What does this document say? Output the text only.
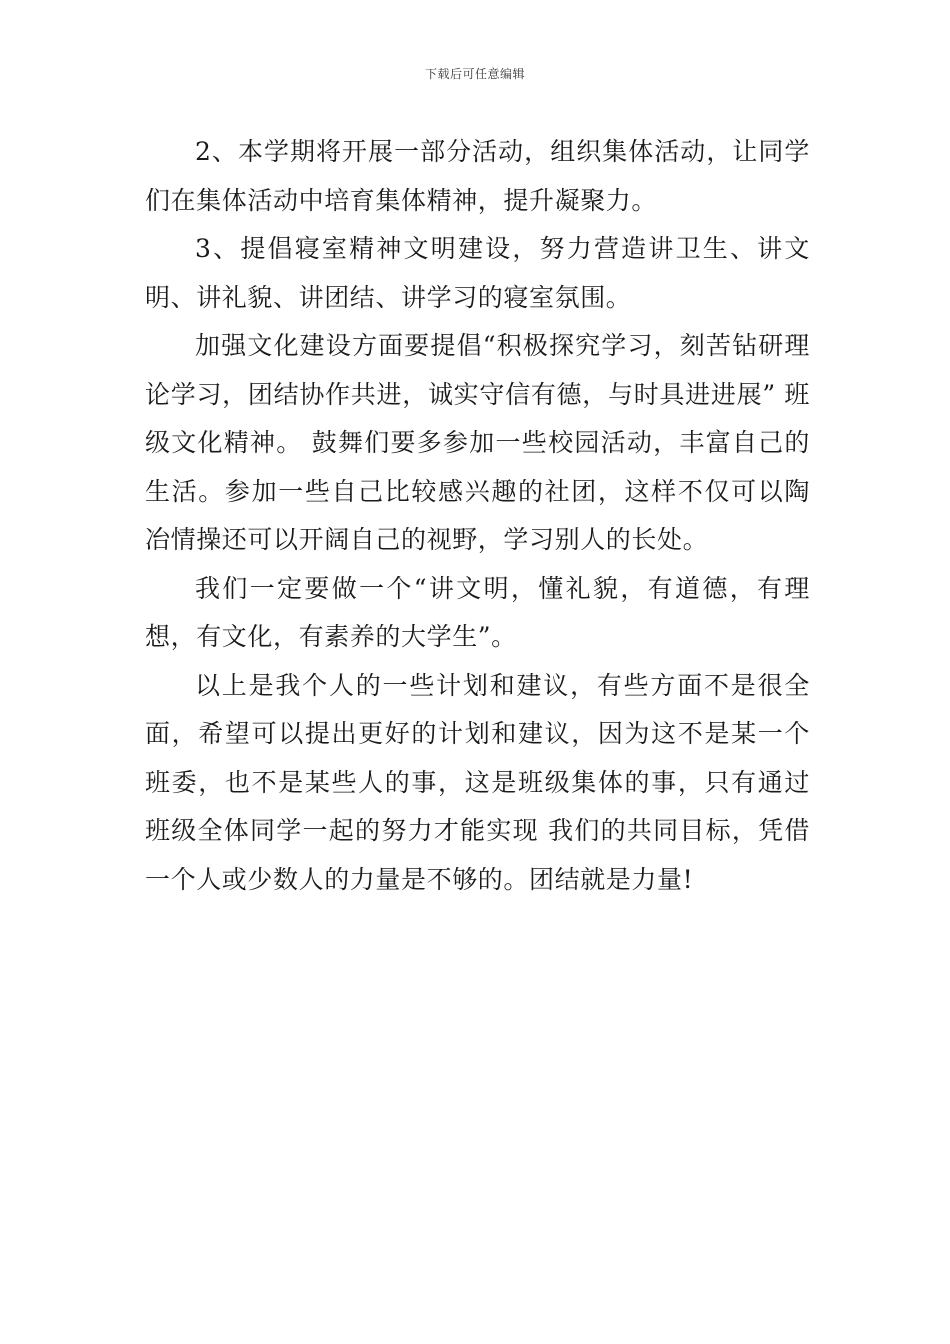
下载后可任意编辑

2、本学期将开展一部分活动，组织集体活动，让同学们在集体活动中培育集体精神，提升凝聚力。

3、提倡寝室精神文明建设，努力营造讲卫生、讲文明、讲礼貌、讲团结、讲学习的寝室氛围。

加强文化建设方面要提倡“积极探究学习，刻苦钻研理论学习，团结协作共进，诚实守信有德，与时具进进展” 班级文化精神。 鼓舞们要多参加一些校园活动，丰富自己的生活。参加一些自己比较感兴趣的社团，这样不仅可以陶冶情操还可以开阔自己的视野，学习别人的长处。

我们一定要做一个“讲文明，懂礼貌，有道德，有理想，有文化，有素养的大学生”。

以上是我个人的一些计划和建议，有些方面不是很全面，希望可以提出更好的计划和建议，因为这不是某一个班委，也不是某些人的事，这是班级集体的事，只有通过班级全体同学一起的努力才能实现 我们的共同目标，凭借一个人或少数人的力量是不够的。团结就是力量!
